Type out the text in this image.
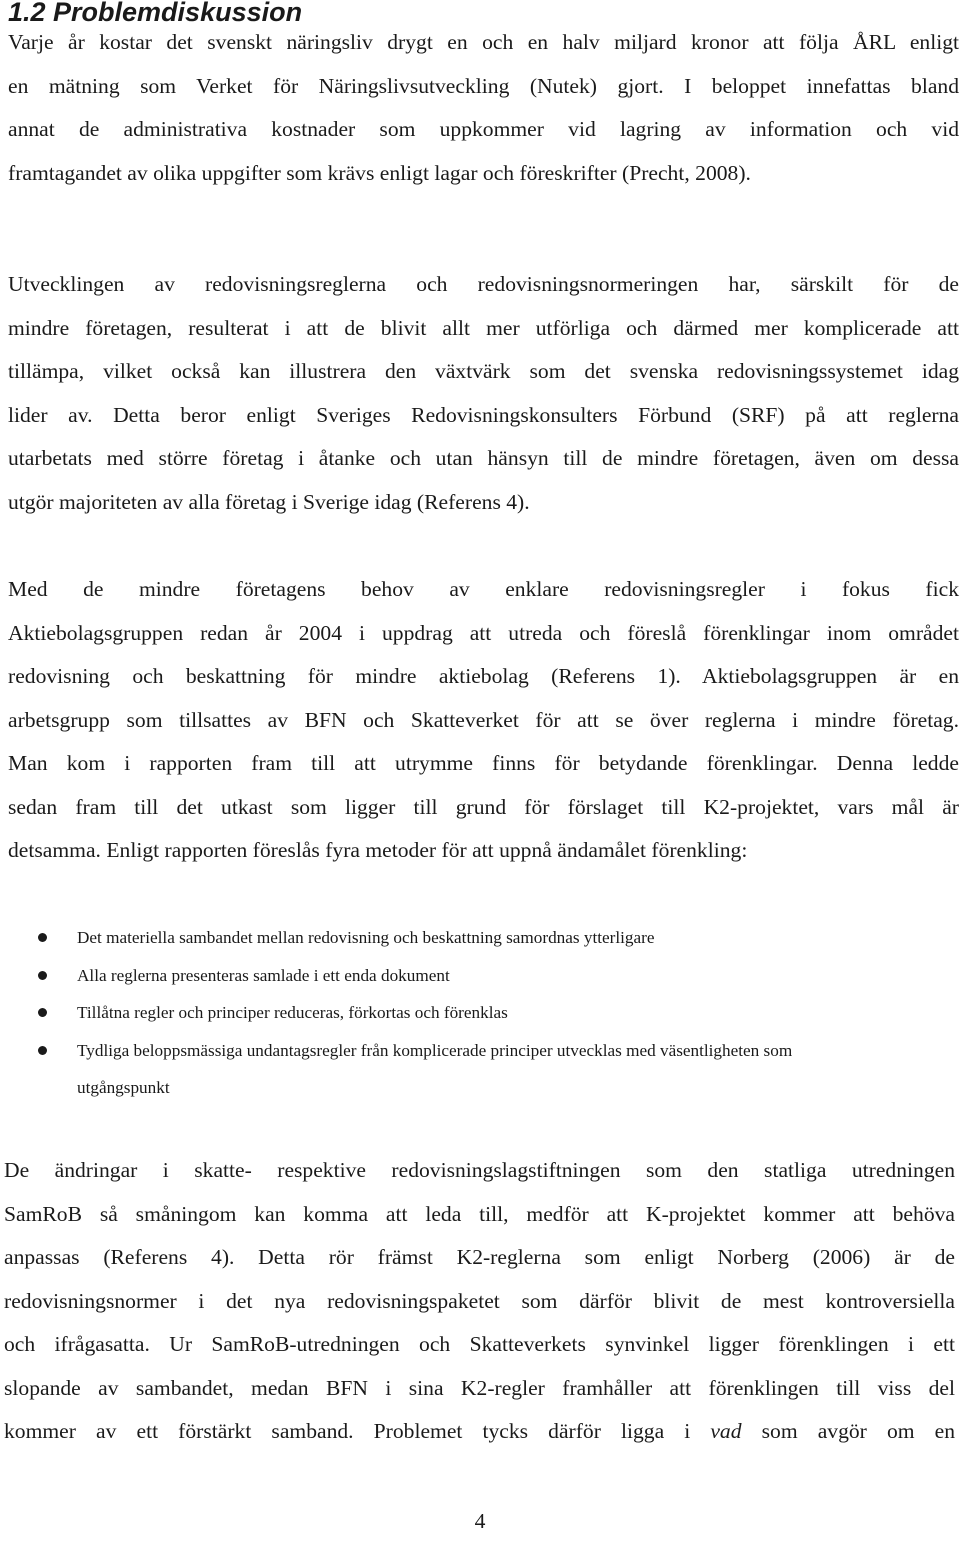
1.2 Problemdiskussion
Varje år kostar det svenskt näringsliv drygt en och en halv miljard kronor att följa ÅRL enligt
en mätning som Verket för Näringslivsutveckling (Nutek) gjort. I beloppet innefattas bland
annat de administrativa kostnader som uppkommer vid lagring av information och vid
framtagandet av olika uppgifter som krävs enligt lagar och föreskrifter (Precht, 2008).
Utvecklingen av redovisningsreglerna och redovisningsnormeringen har, särskilt för de
mindre företagen, resulterat i att de blivit allt mer utförliga och därmed mer komplicerade att
tillämpa, vilket också kan illustrera den växtvärk som det svenska redovisningssystemet idag
lider av. Detta beror enligt Sveriges Redovisningskonsulters Förbund (SRF) på att reglerna
utarbetats med större företag i åtanke och utan hänsyn till de mindre företagen, även om dessa
utgör majoriteten av alla företag i Sverige idag (Referens 4).
Med de mindre företagens behov av enklare redovisningsregler i fokus fick
Aktiebolagsgruppen redan år 2004 i uppdrag att utreda och föreslå förenklingar inom området
redovisning och beskattning för mindre aktiebolag (Referens 1). Aktiebolagsgruppen är en
arbetsgrupp som tillsattes av BFN och Skatteverket för att se över reglerna i mindre företag.
Man kom i rapporten fram till att utrymme finns för betydande förenklingar. Denna ledde
sedan fram till det utkast som ligger till grund för förslaget till K2-projektet, vars mål är
detsamma. Enligt rapporten föreslås fyra metoder för att uppnå ändamålet förenkling:
Det materiella sambandet mellan redovisning och beskattning samordnas ytterligare
Alla reglerna presenteras samlade i ett enda dokument
Tillåtna regler och principer reduceras, förkortas och förenklas
Tydliga beloppsmässiga undantagsregler från komplicerade principer utvecklas med väsentligheten som
utgångspunkt
De ändringar i skatte- respektive redovisningslagstiftningen som den statliga utredningen
SamRoB så småningom kan komma att leda till, medför att K-projektet kommer att behöva
anpassas (Referens 4). Detta rör främst K2-reglerna som enligt Norberg (2006) är de
redovisningsnormer i det nya redovisningspaketet som därför blivit de mest kontroversiella
och ifrågasatta. Ur SamRoB-utredningen och Skatteverkets synvinkel ligger förenklingen i ett
slopande av sambandet, medan BFN i sina K2-regler framhåller att förenklingen till viss del
kommer av ett förstärkt samband. Problemet tycks därför ligga i vad som avgör om en
4
